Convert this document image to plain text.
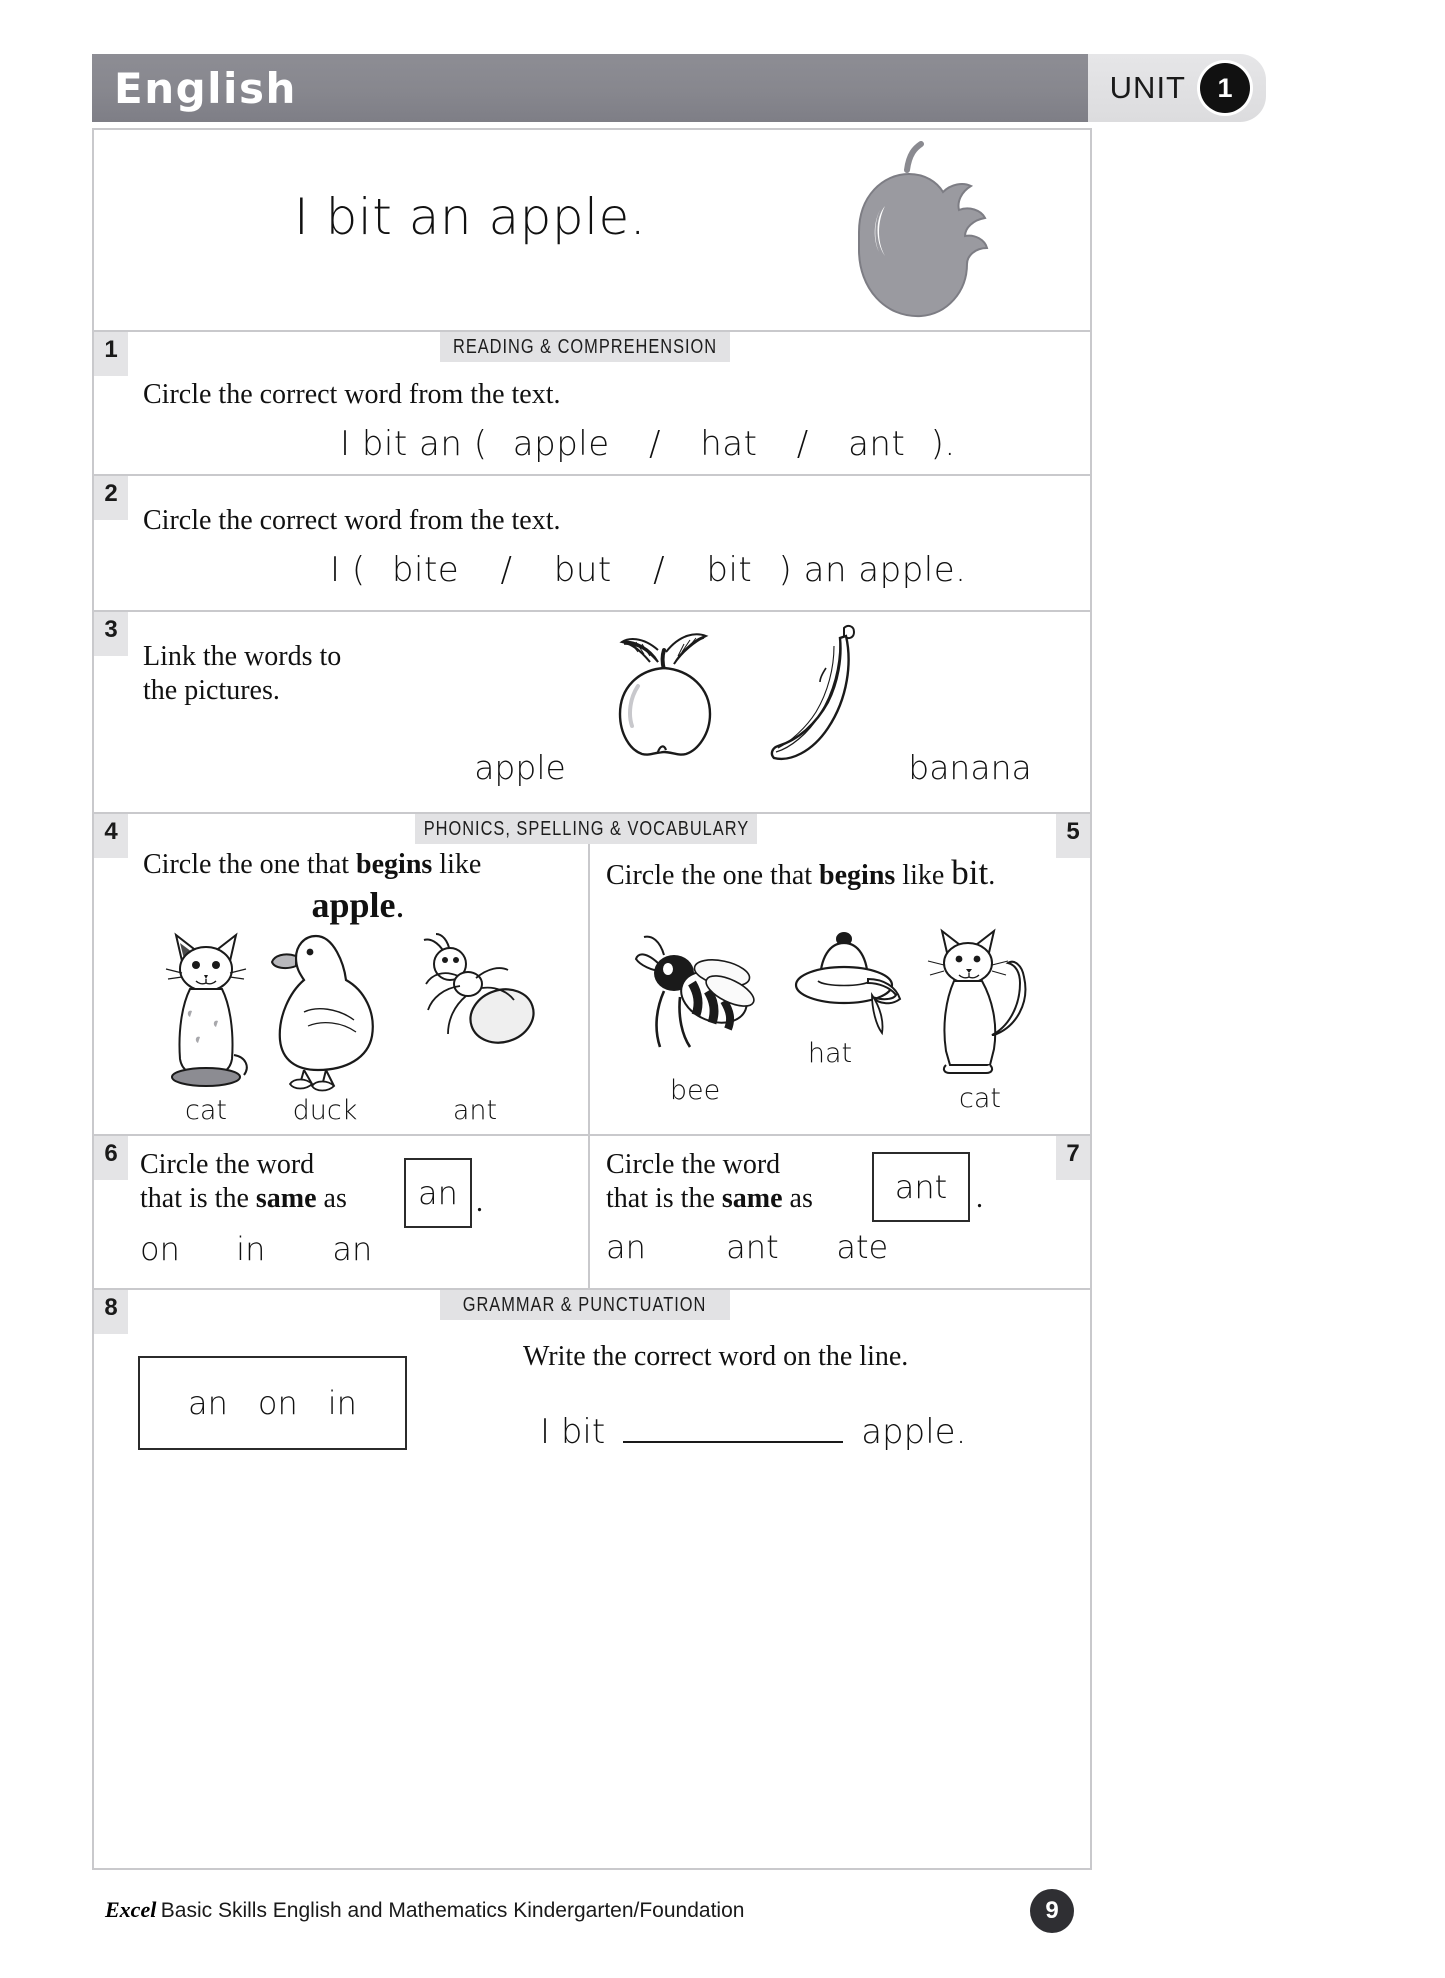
English	UNIT	1
I bit an apple.
1	READING & COMPREHENSION
Circle the correct word from the text.
I bit an ( apple / hat / ant ).
2
Circle the correct word from the text.
I ( bite / but / bit ) an apple.
3
Link the words to
the pictures.
apple	banana
4	5
PHONICS, SPELLING & VOCABULARY
Circle the one that begins like
apple.
cat	duck	ant
Circle the one that begins like bit.
bee
hat
cat
6	7
Circle the word
that is the same as	an .
on in an
Circle the word
that is the same as	ant	.
an	ant ate
8	GRAMMAR & PUNCTUATION
an on in
Write the correct word on the line.
I bit	apple.
Excel Basic Skills English and Mathematics Kindergarten/Foundation	9
